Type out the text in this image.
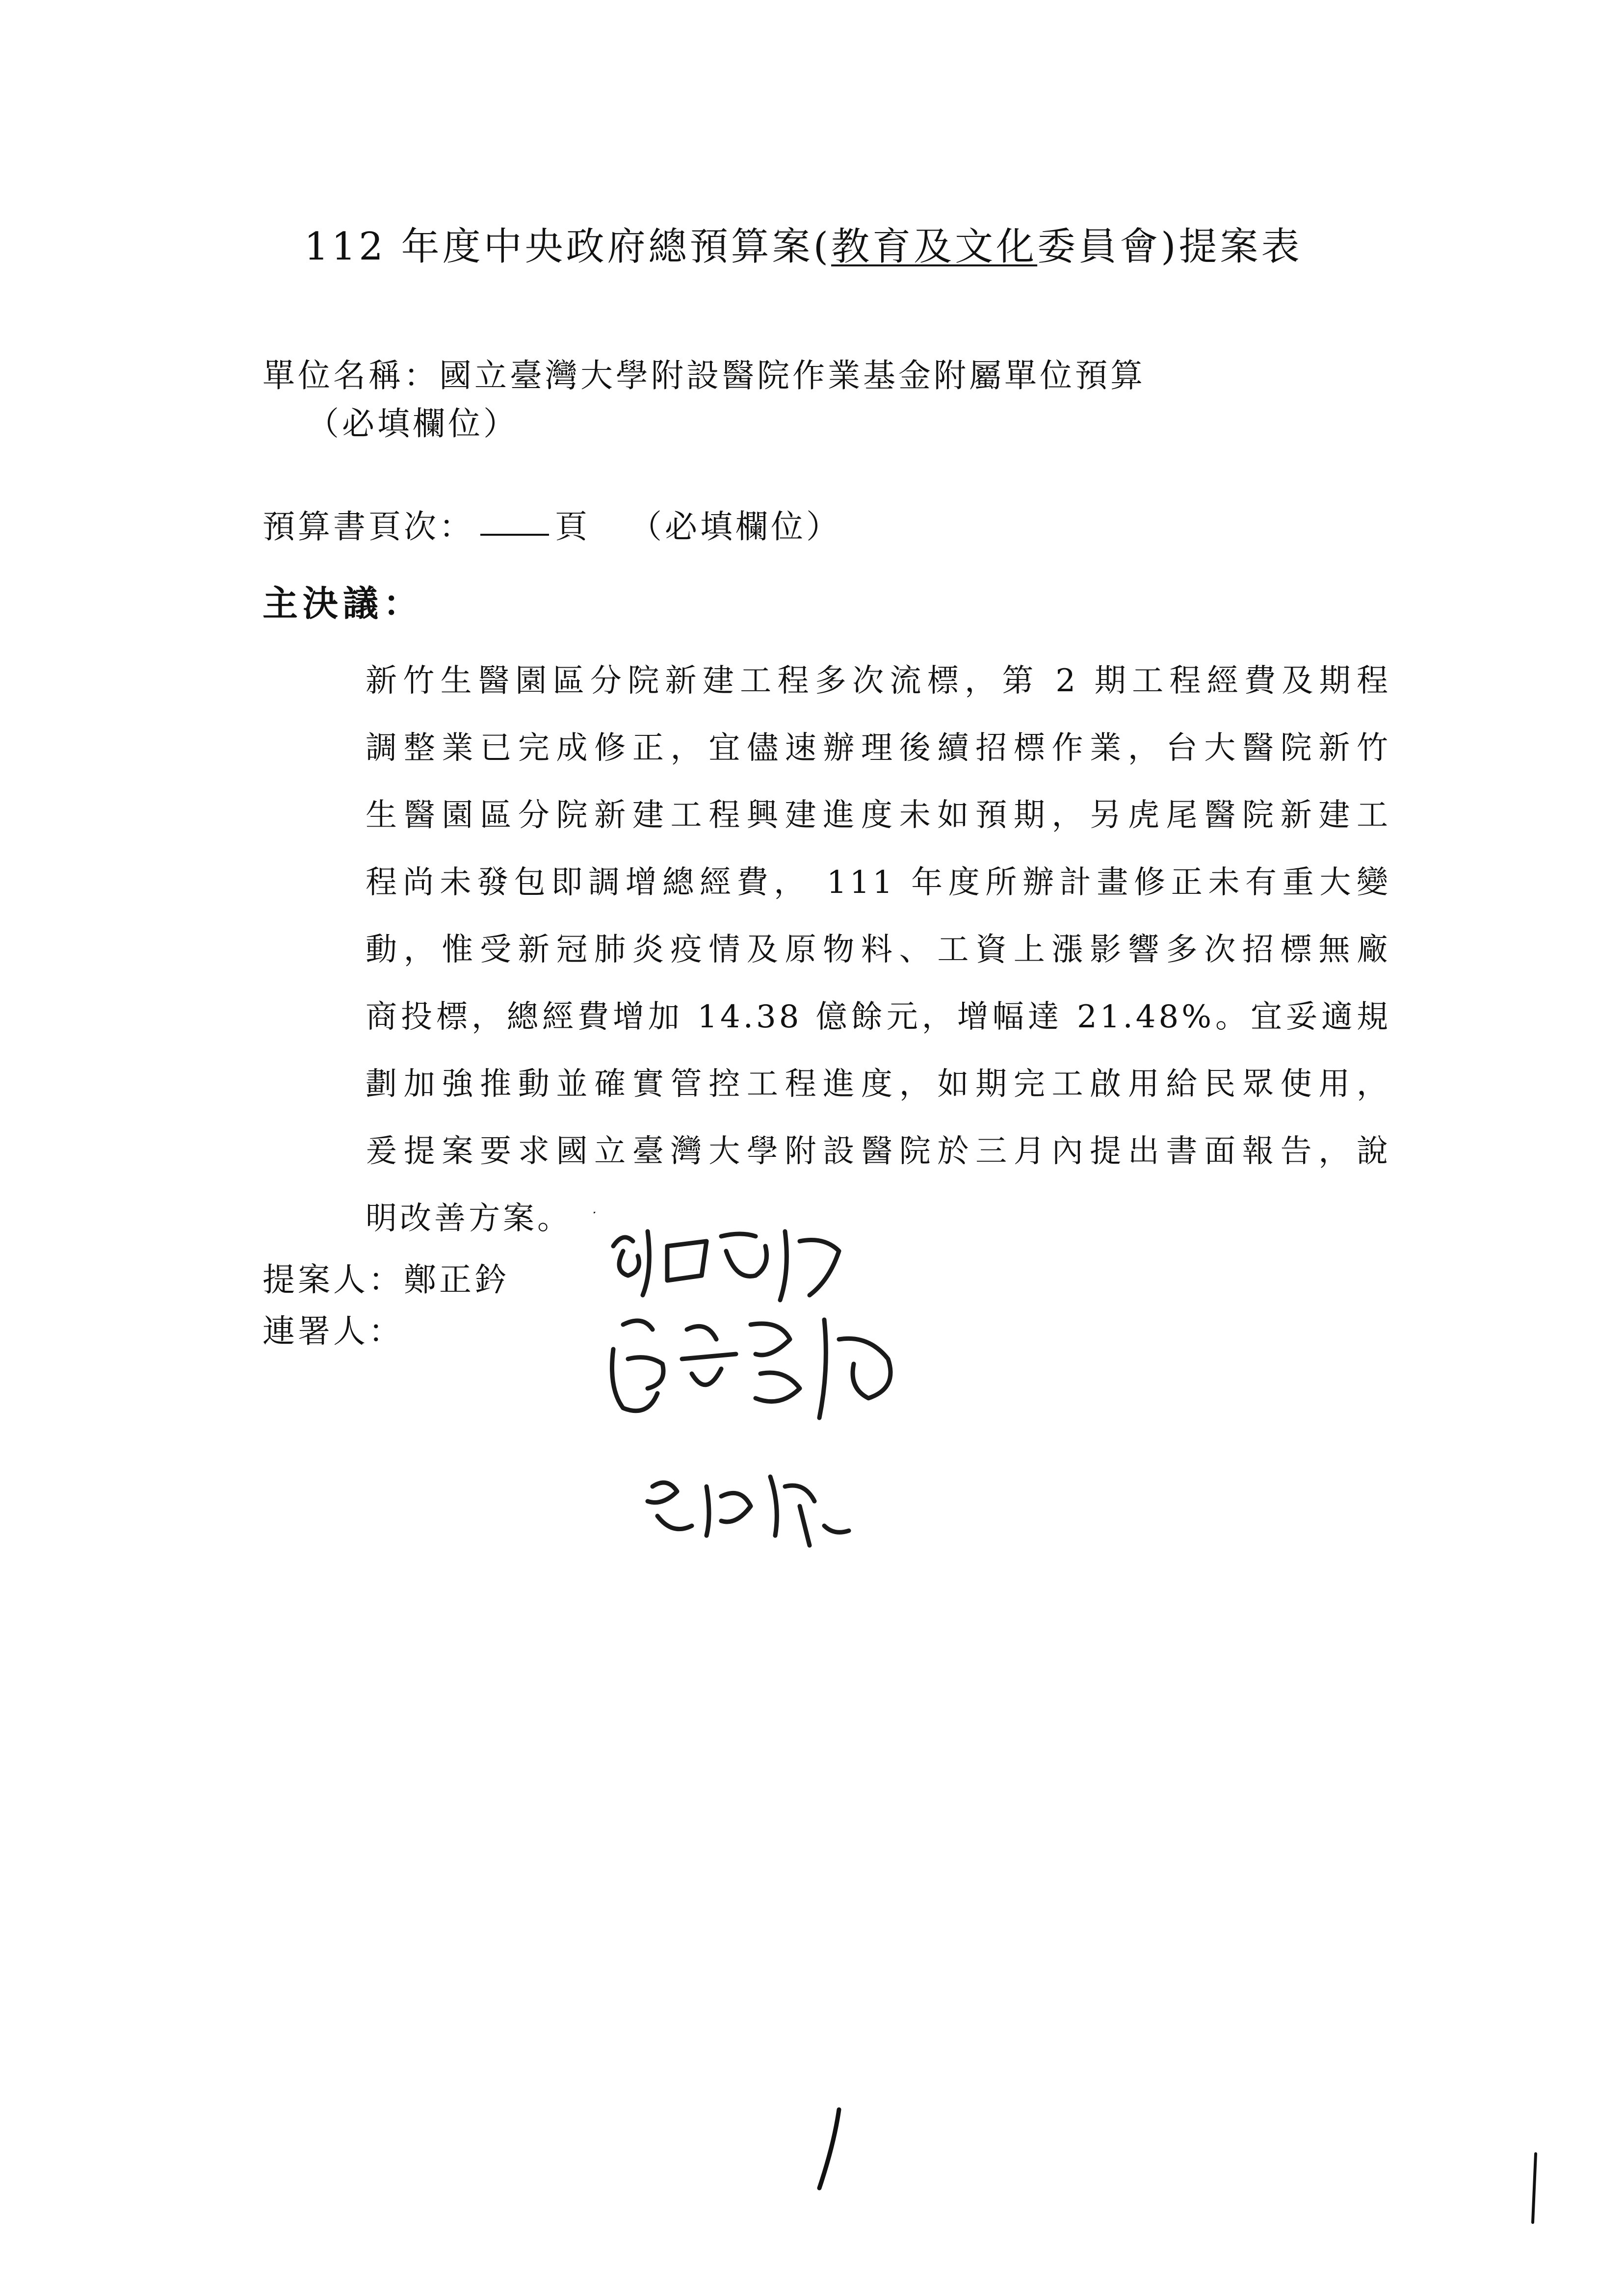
112 年度中央政府總預算案(教育及文化委員會)提案表
單位名稱：國立臺灣大學附設醫院作業基金附屬單位預算
（必填欄位）
預算書頁次： 頁 （必填欄位）
主決議：
新竹生醫園區分院新建工程多次流標，第 2 期工程經費及期程
調整業已完成修正，宜儘速辦理後續招標作業，台大醫院新竹
生醫園區分院新建工程興建進度未如預期，另虎尾醫院新建工
程尚未發包即調增總經費， 111 年度所辦計畫修正未有重大變
動，惟受新冠肺炎疫情及原物料、工資上漲影響多次招標無廠
商投標，總經費增加 14.38 億餘元，增幅達 21.48%。宜妥適規
劃加強推動並確實管控工程進度，如期完工啟用給民眾使用，
爰提案要求國立臺灣大學附設醫院於三月內提出書面報告，說
明改善方案。
提案人：鄭正鈐
連署人：
